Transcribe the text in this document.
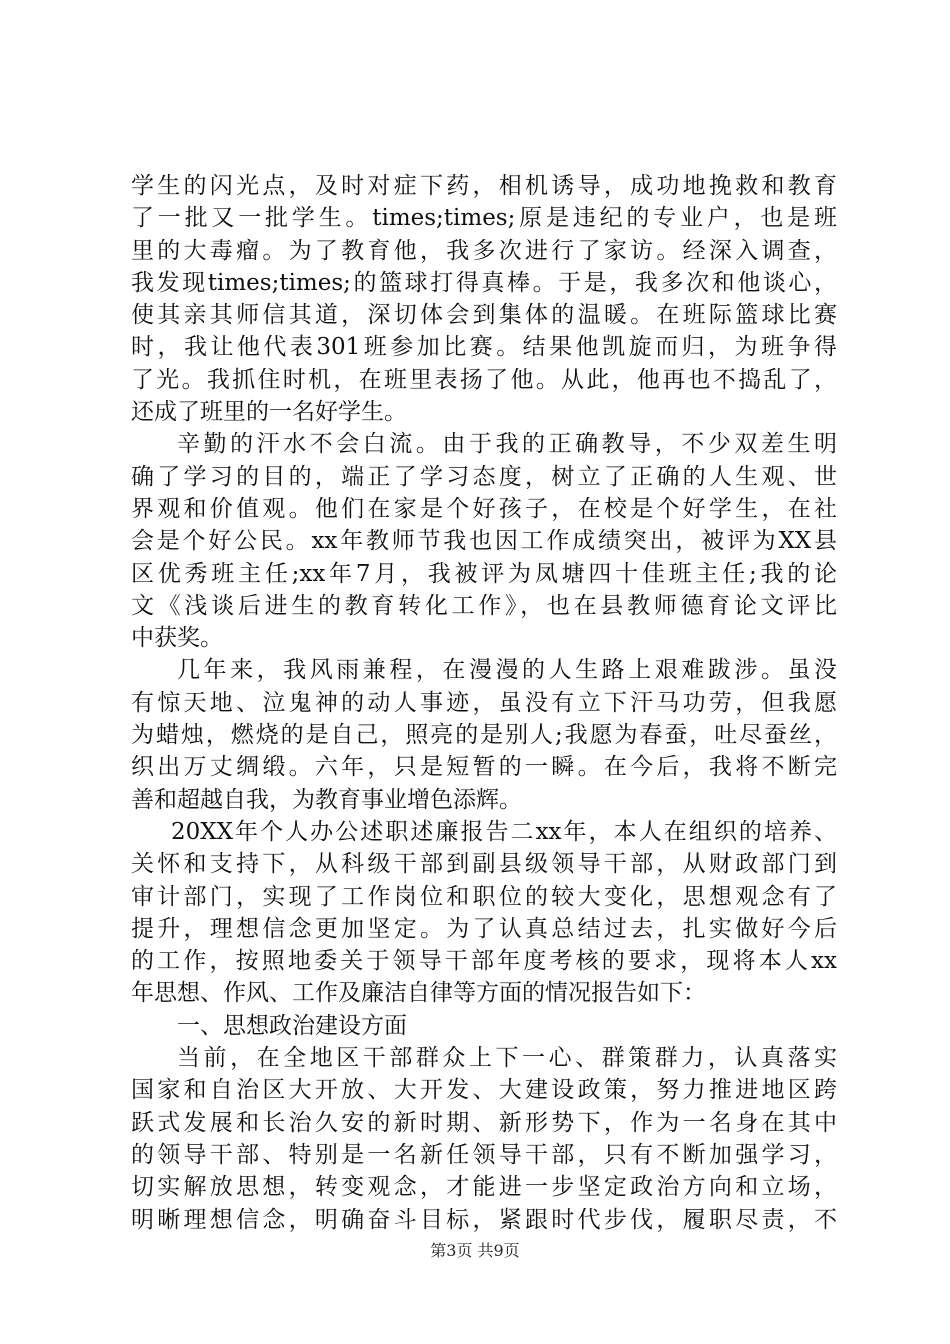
学生的闪光点，及时对症下药，相机诱导，成功地挽救和教育
了一批又一批学生。times;times;原是违纪的专业户，也是班
里的大毒瘤。为了教育他，我多次进行了家访。经深入调查，
我发现times;times;的篮球打得真棒。于是，我多次和他谈心，
使其亲其师信其道，深切体会到集体的温暖。在班际篮球比赛
时，我让他代表301班参加比赛。结果他凯旋而归，为班争得
了光。我抓住时机，在班里表扬了他。从此，他再也不捣乱了，
还成了班里的一名好学生。
辛勤的汗水不会白流。由于我的正确教导，不少双差生明
确了学习的目的，端正了学习态度，树立了正确的人生观、世
界观和价值观。他们在家是个好孩子，在校是个好学生，在社
会是个好公民。xx年教师节我也因工作成绩突出，被评为XX县
区优秀班主任;xx年7月，我被评为凤塘四十佳班主任;我的论
文《浅谈后进生的教育转化工作》，也在县教师德育论文评比
中获奖。
几年来，我风雨兼程，在漫漫的人生路上艰难跋涉。虽没
有惊天地、泣鬼神的动人事迹，虽没有立下汗马功劳，但我愿
为蜡烛，燃烧的是自己，照亮的是别人;我愿为春蚕，吐尽蚕丝，
织出万丈绸缎。六年，只是短暂的一瞬。在今后，我将不断完
善和超越自我，为教育事业增色添辉。
20XX年个人办公述职述廉报告二xx年，本人在组织的培养、
关怀和支持下，从科级干部到副县级领导干部，从财政部门到
审计部门，实现了工作岗位和职位的较大变化，思想观念有了
提升，理想信念更加坚定。为了认真总结过去，扎实做好今后
的工作，按照地委关于领导干部年度考核的要求，现将本人xx
年思想、作风、工作及廉洁自律等方面的情况报告如下：
一、思想政治建设方面
当前，在全地区干部群众上下一心、群策群力，认真落实
国家和自治区大开放、大开发、大建设政策，努力推进地区跨
跃式发展和长治久安的新时期、新形势下，作为一名身在其中
的领导干部、特别是一名新任领导干部，只有不断加强学习，
切实解放思想，转变观念，才能进一步坚定政治方向和立场，
明晰理想信念，明确奋斗目标，紧跟时代步伐，履职尽责，不
第3页 共9页
